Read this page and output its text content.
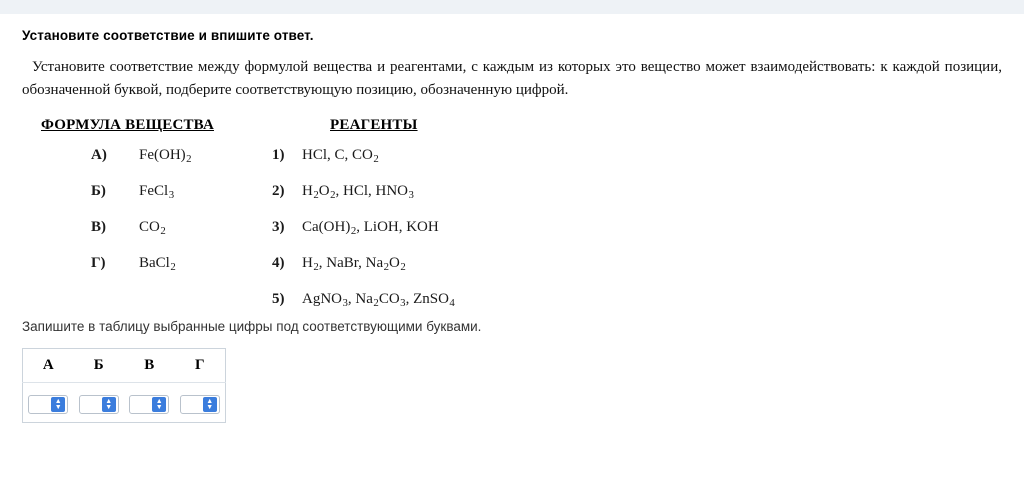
Установите соответствие и впишите ответ.
Установите соответствие между формулой вещества и реагентами, с каждым из которых это вещество может взаимодействовать: к каждой позиции, обозначенной буквой, подберите соответствующую позицию, обозначенную цифрой.
ФОРМУЛА ВЕЩЕСТВА	РЕАГЕНТЫ
А)	$Fe(OH)_2$
Б)	FeCl$_3$
В)	$CO_2$
Г)	BaCl$_2$
1)	HCl, C, $CO_2$
2)	$H_2O_2$, HCl, $HNO_3$
3)	$Ca(OH)_2$, LiOH, KOH
4)	$H_2$, NaBr, $Na_2O_2$
5)	AgNO$_3$, $Na_2CO_3$, ZnSO$_4$
Запишите в таблицу выбранные цифры под соответствующими буквами.
А	Б	В	Г

▲
▼	▲
▼	▲
▼	▲
▼
